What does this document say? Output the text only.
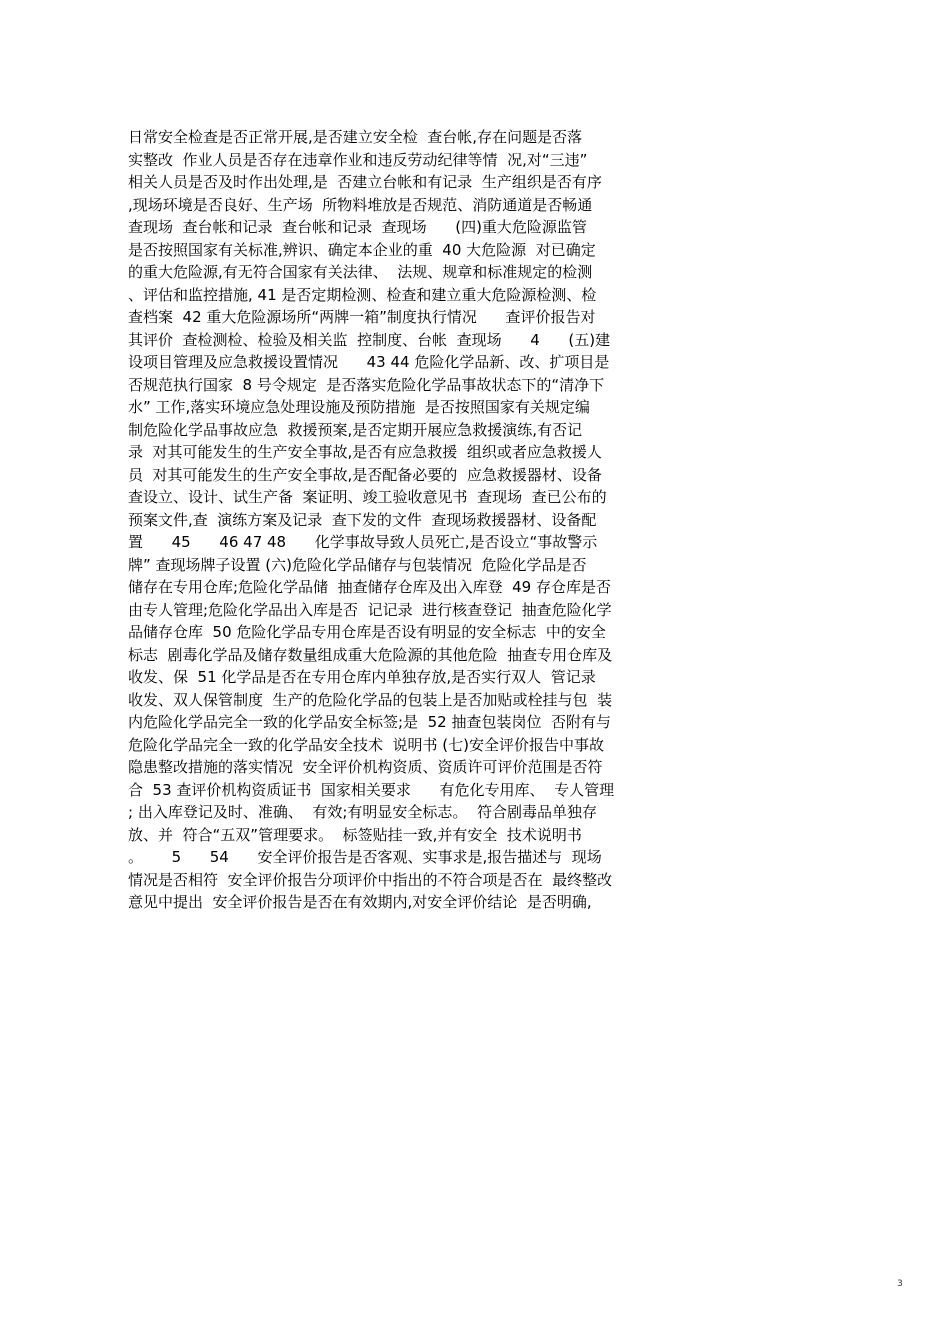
日常安全检查是否正常开展,是否建立安全检  查台帐,存在问题是否落
实整改  作业人员是否存在违章作业和违反劳动纪律等情  况,对“三违”
相关人员是否及时作出处理,是  否建立台帐和有记录  生产组织是否有序
,现场环境是否良好、生产场  所物料堆放是否规范、消防通道是否畅通
查现场  查台帐和记录  查台帐和记录  查现场      (四)重大危险源监管
是否按照国家有关标准,辨识、确定本企业的重  40 大危险源  对已确定
的重大危险源,有无符合国家有关法律、  法规、规章和标准规定的检测
、评估和监控措施, 41 是否定期检测、检查和建立重大危险源检测、检
查档案  42 重大危险源场所“两牌一箱”制度执行情况      查评价报告对
其评价  查检测检、检验及相关监  控制度、台帐  查现场      4      (五)建
设项目管理及应急救援设置情况      43 44 危险化学品新、改、扩项目是
否规范执行国家  8 号令规定  是否落实危险化学品事故状态下的“清净下
水” 工作,落实环境应急处理设施及预防措施  是否按照国家有关规定编
制危险化学品事故应急  救援预案,是否定期开展应急救援演练,有否记
录  对其可能发生的生产安全事故,是否有应急救援  组织或者应急救援人
员  对其可能发生的生产安全事故,是否配备必要的  应急救援器材、设备
查设立、设计、试生产备  案证明、竣工验收意见书  查现场  查已公布的
预案文件,查  演练方案及记录  查下发的文件  查现场救援器材、设备配
置      45      46 47 48      化学事故导致人员死亡,是否设立“事故警示
牌” 查现场牌子设置 (六)危险化学品储存与包装情况  危险化学品是否
储存在专用仓库;危险化学品储  抽查储存仓库及出入库登  49 存仓库是否
由专人管理;危险化学品出入库是否  记记录  进行核查登记  抽查危险化学
品储存仓库  50 危险化学品专用仓库是否设有明显的安全标志  中的安全
标志  剧毒化学品及储存数量组成重大危险源的其他危险  抽查专用仓库及
收发、保  51 化学品是否在专用仓库内单独存放,是否实行双人  管记录
收发、双人保管制度  生产的危险化学品的包装上是否加贴或栓挂与包  装
内危险化学品完全一致的化学品安全标签;是  52 抽查包装岗位  否附有与
危险化学品完全一致的化学品安全技术  说明书 (七)安全评价报告中事故
隐患整改措施的落实情况  安全评价机构资质、资质许可评价范围是否符
合  53 查评价机构资质证书  国家相关要求      有危化专用库、  专人管理
; 出入库登记及时、准确、  有效;有明显安全标志。  符合剧毒品单独存
放、并  符合“五双”管理要求。  标签贴挂一致,并有安全  技术说明书
。      5      54      安全评价报告是否客观、实事求是,报告描述与  现场
情况是否相符  安全评价报告分项评价中指出的不符合项是否在  最终整改
意见中提出  安全评价报告是否在有效期内,对安全评价结论  是否明确,
3
